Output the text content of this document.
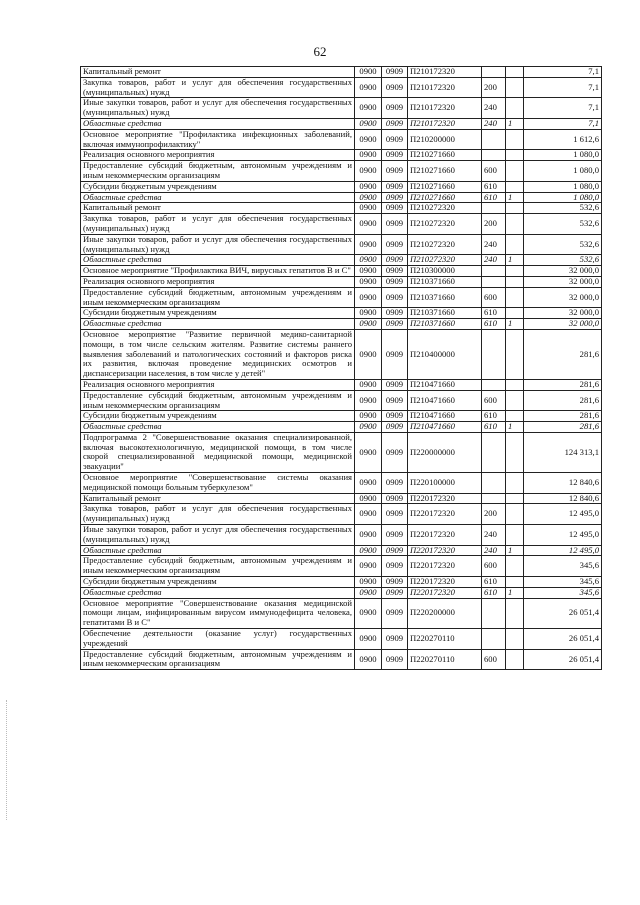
62
Капитальный ремонт	0900	0909	П210172320			7,1
Закупка товаров, работ и услуг для обеспечения государственных (муниципальных) нужд	0900	0909	П210172320	200		7,1
Иные закупки товаров, работ и услуг для обеспечения государственных (муниципальных) нужд	0900	0909	П210172320	240		7,1
Областные средства	0900	0909	П210172320	240	1	7,1
Основное мероприятие "Профилактика инфекционных заболеваний, включая иммунопрофилактику"	0900	0909	П210200000			1 612,6
Реализация основного мероприятия	0900	0909	П210271660			1 080,0
Предоставление субсидий бюджетным, автономным учреждениям и иным некоммерческим организациям	0900	0909	П210271660	600		1 080,0
Субсидии бюджетным учреждениям	0900	0909	П210271660	610		1 080,0
Областные средства	0900	0909	П210271660	610	1	1 080,0
Капитальный ремонт	0900	0909	П210272320			532,6
Закупка товаров, работ и услуг для обеспечения государственных (муниципальных) нужд	0900	0909	П210272320	200		532,6
Иные закупки товаров, работ и услуг для обеспечения государственных (муниципальных) нужд	0900	0909	П210272320	240		532,6
Областные средства	0900	0909	П210272320	240	1	532,6
Основное мероприятие "Профилактика ВИЧ, вирусных гепатитов В и С"	0900	0909	П210300000			32 000,0
Реализация основного мероприятия	0900	0909	П210371660			32 000,0
Предоставление субсидий бюджетным, автономным учреждениям и иным некоммерческим организациям	0900	0909	П210371660	600		32 000,0
Субсидии бюджетным учреждениям	0900	0909	П210371660	610		32 000,0
Областные средства	0900	0909	П210371660	610	1	32 000,0
Основное мероприятие "Развитие первичной медико-санитарной помощи, в том числе сельским жителям. Развитие системы раннего выявления заболеваний и патологических состояний и факторов риска их развития, включая проведение медицинских осмотров и диспансеризации населения, в том числе у детей"	0900	0909	П210400000			281,6
Реализация основного мероприятия	0900	0909	П210471660			281,6
Предоставление субсидий бюджетным, автономным учреждениям и иным некоммерческим организациям	0900	0909	П210471660	600		281,6
Субсидии бюджетным учреждениям	0900	0909	П210471660	610		281,6
Областные средства	0900	0909	П210471660	610	1	281,6
Подпрограмма 2 "Совершенствование оказания специализированной, включая высокотехнологичную, медицинской помощи, в том числе скорой специализированной медицинской помощи, медицинской эвакуации"	0900	0909	П220000000			124 313,1
Основное мероприятие "Совершенствование системы оказания медицинской помощи больным туберкулезом"	0900	0909	П220100000			12 840,6
Капитальный ремонт	0900	0909	П220172320			12 840,6
Закупка товаров, работ и услуг для обеспечения государственных (муниципальных) нужд	0900	0909	П220172320	200		12 495,0
Иные закупки товаров, работ и услуг для обеспечения государственных (муниципальных) нужд	0900	0909	П220172320	240		12 495,0
Областные средства	0900	0909	П220172320	240	1	12 495,0
Предоставление субсидий бюджетным, автономным учреждениям и иным некоммерческим организациям	0900	0909	П220172320	600		345,6
Субсидии бюджетным учреждениям	0900	0909	П220172320	610		345,6
Областные средства	0900	0909	П220172320	610	1	345,6
Основное мероприятие "Совершенствование оказания медицинской помощи лицам, инфицированным вирусом иммунодефицита человека, гепатитами В и С"	0900	0909	П220200000			26 051,4
Обеспечение деятельности (оказание услуг) государственных учреждений	0900	0909	П220270110			26 051,4
Предоставление субсидий бюджетным, автономным учреждениям и иным некоммерческим организациям	0900	0909	П220270110	600		26 051,4
